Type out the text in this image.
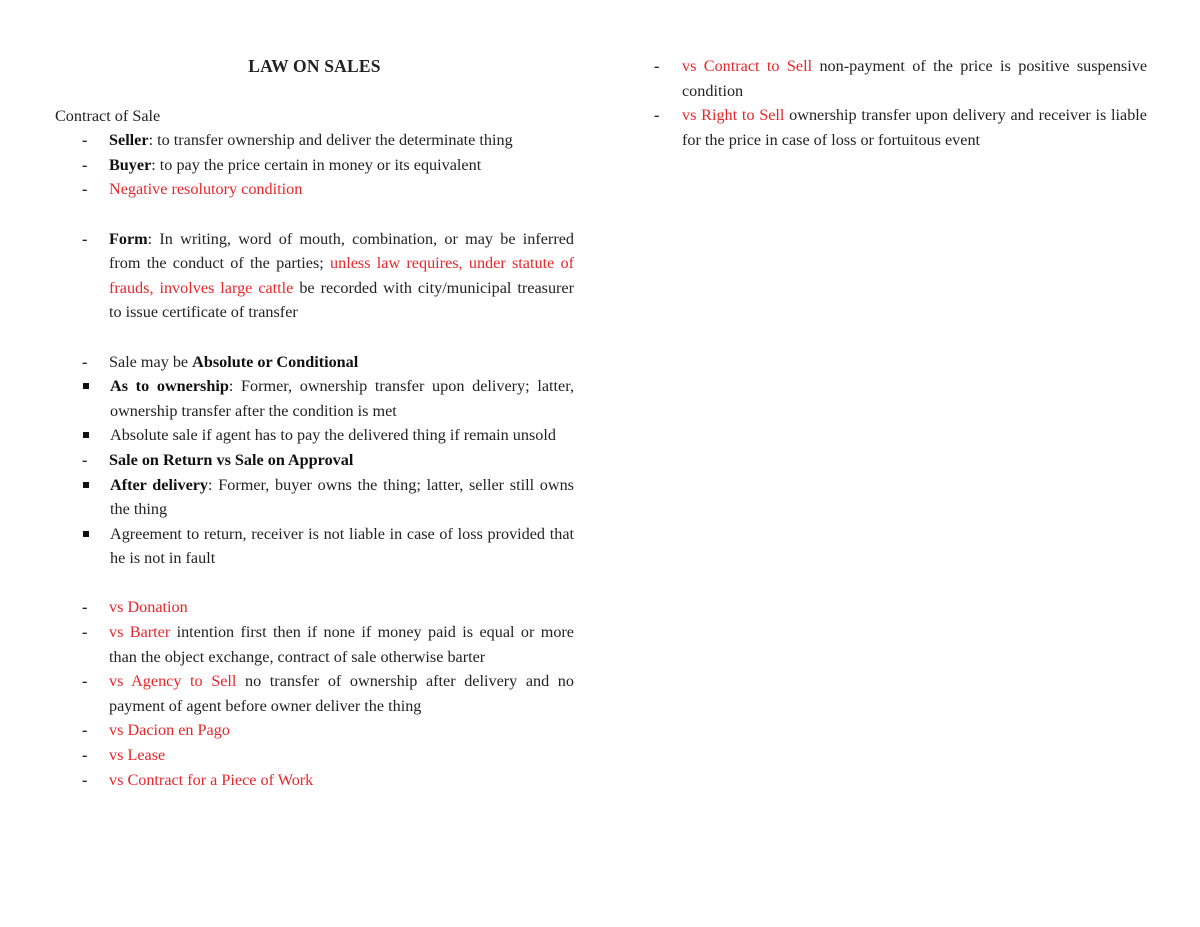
LAW ON SALES
Contract of Sale
- Seller: to transfer ownership and deliver the determinate thing
- Buyer: to pay the price certain in money or its equivalent
- Negative resolutory condition
- Form: In writing, word of mouth, combination, or may be inferred from the conduct of the parties; unless law requires, under statute of frauds, involves large cattle be recorded with city/municipal treasurer to issue certificate of transfer
- Sale may be Absolute or Conditional
As to ownership: Former, ownership transfer upon delivery; latter, ownership transfer after the condition is met
Absolute sale if agent has to pay the delivered thing if remain unsold
- Sale on Return vs Sale on Approval
After delivery: Former, buyer owns the thing; latter, seller still owns the thing
Agreement to return, receiver is not liable in case of loss provided that he is not in fault
- vs Donation
- vs Barter intention first then if none if money paid is equal or more than the object exchange, contract of sale otherwise barter
- vs Agency to Sell no transfer of ownership after delivery and no payment of agent before owner deliver the thing
- vs Dacion en Pago
- vs Lease
- vs Contract for a Piece of Work
- vs Contract to Sell non-payment of the price is positive suspensive condition
- vs Right to Sell ownership transfer upon delivery and receiver is liable for the price in case of loss or fortuitous event
